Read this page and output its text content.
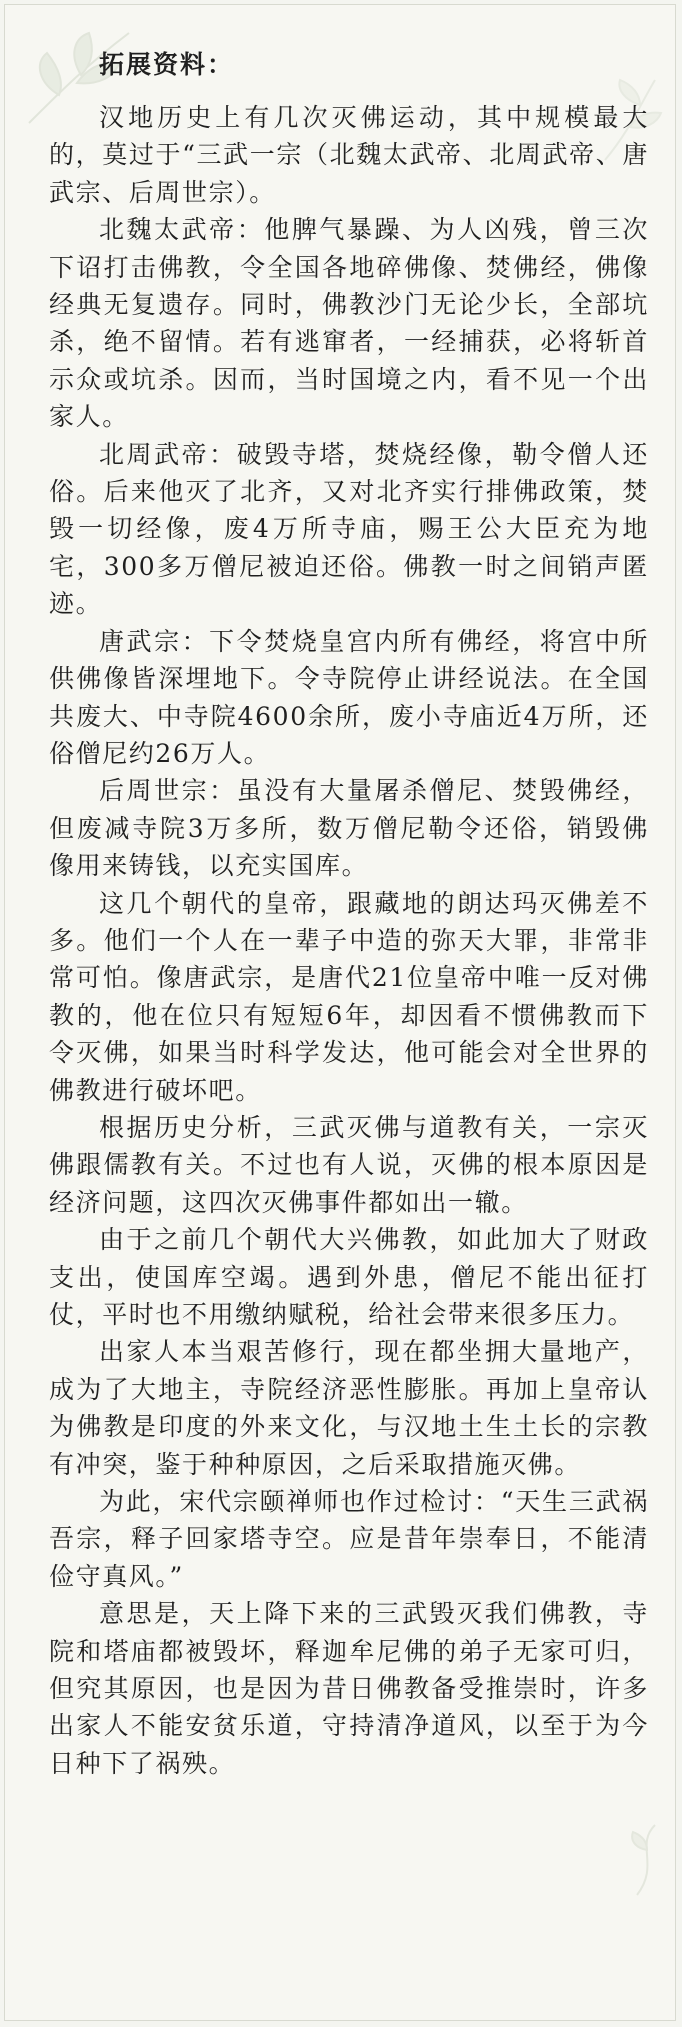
拓展资料：

汉地历史上有几次灭佛运动，其中规模最大的，莫过于“三武一宗（北魏太武帝、北周武帝、唐武宗、后周世宗）。

北魏太武帝：他脾气暴躁、为人凶残，曾三次下诏打击佛教，令全国各地碎佛像、焚佛经，佛像经典无复遗存。同时，佛教沙门无论少长，全部坑杀，绝不留情。若有逃窜者，一经捕获，必将斩首示众或坑杀。因而，当时国境之内，看不见一个出家人。

北周武帝：破毁寺塔，焚烧经像，勒令僧人还俗。后来他灭了北齐，又对北齐实行排佛政策，焚毁一切经像，废4万所寺庙，赐王公大臣充为地宅，300多万僧尼被迫还俗。佛教一时之间销声匿迹。

唐武宗：下令焚烧皇宫内所有佛经，将宫中所供佛像皆深埋地下。令寺院停止讲经说法。在全国共废大、中寺院4600余所，废小寺庙近4万所，还俗僧尼约26万人。

后周世宗：虽没有大量屠杀僧尼、焚毁佛经，但废减寺院3万多所，数万僧尼勒令还俗，销毁佛像用来铸钱，以充实国库。

这几个朝代的皇帝，跟藏地的朗达玛灭佛差不多。他们一个人在一辈子中造的弥天大罪，非常非常可怕。像唐武宗，是唐代21位皇帝中唯一反对佛教的，他在位只有短短6年，却因看不惯佛教而下令灭佛，如果当时科学发达，他可能会对全世界的佛教进行破坏吧。

根据历史分析，三武灭佛与道教有关，一宗灭佛跟儒教有关。不过也有人说，灭佛的根本原因是经济问题，这四次灭佛事件都如出一辙。

由于之前几个朝代大兴佛教，如此加大了财政支出，使国库空竭。遇到外患，僧尼不能出征打仗，平时也不用缴纳赋税，给社会带来很多压力。

出家人本当艰苦修行，现在都坐拥大量地产，成为了大地主，寺院经济恶性膨胀。再加上皇帝认为佛教是印度的外来文化，与汉地土生土长的宗教有冲突，鉴于种种原因，之后采取措施灭佛。

为此，宋代宗颐禅师也作过检讨：“天生三武祸吾宗，释子回家塔寺空。应是昔年崇奉日，不能清俭守真风。”

意思是，天上降下来的三武毁灭我们佛教，寺院和塔庙都被毁坏，释迦牟尼佛的弟子无家可归，但究其原因，也是因为昔日佛教备受推崇时，许多出家人不能安贫乐道，守持清净道风，以至于为今日种下了祸殃。
